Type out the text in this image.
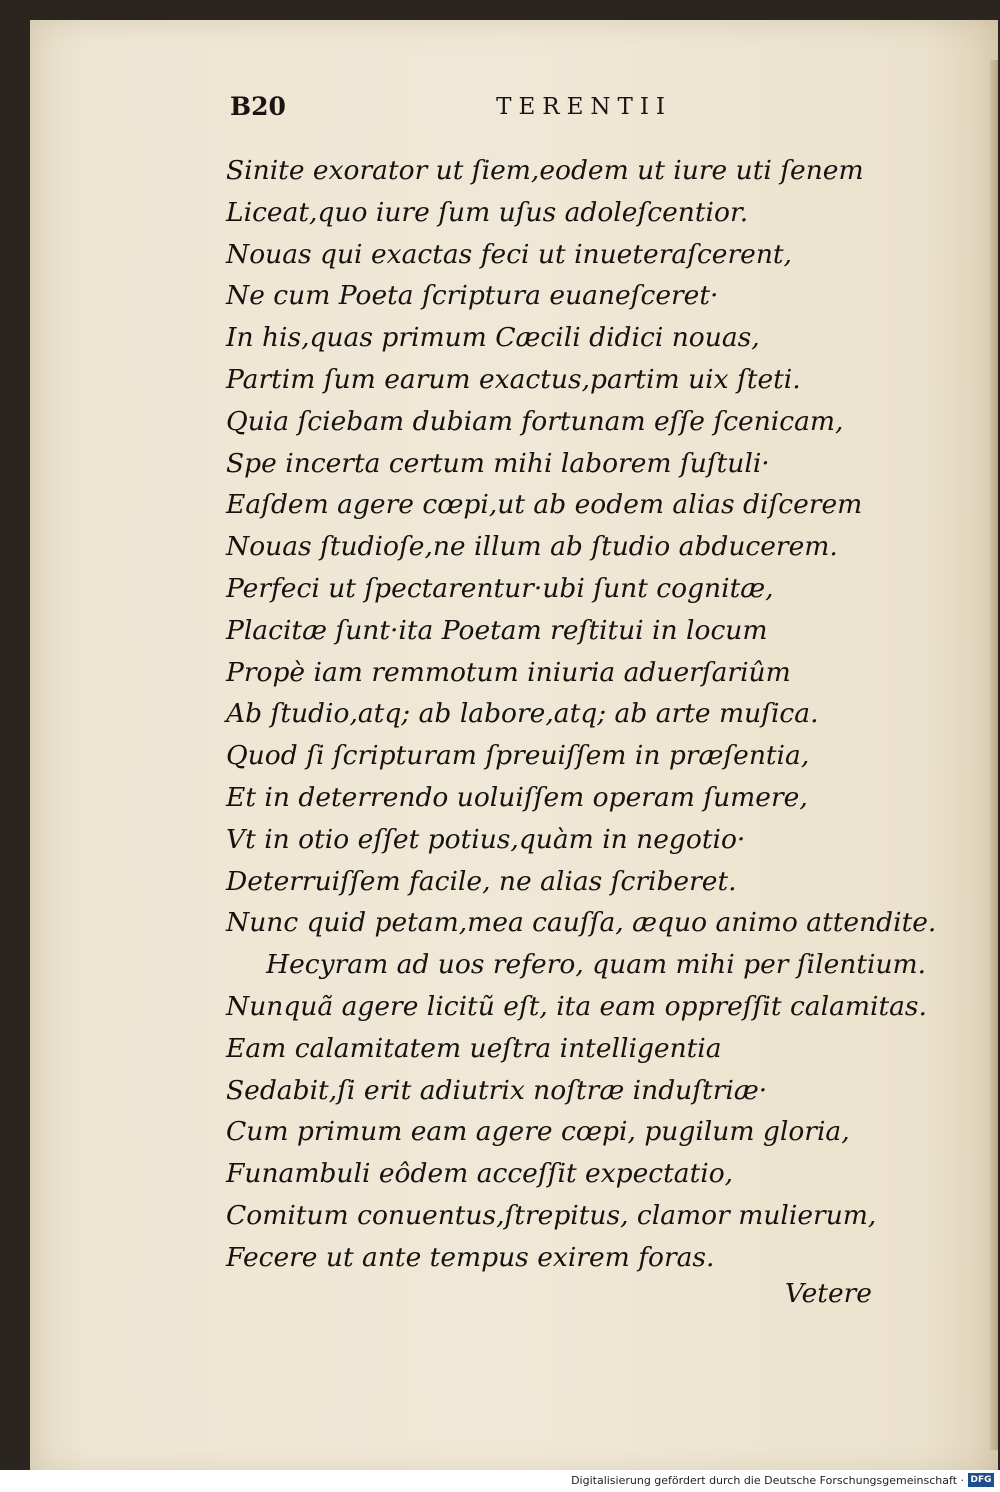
B20	TERENTII
Sinite exorator ut ſiem,eodem ut iure uti ſenem
Liceat,quo iure ſum uſus adoleſcentior.
Nouas qui exactas feci ut inueteraſcerent,
Ne cum Poeta ſcriptura euaneſceret·
In his,quas primum Cæcili didici nouas,
Partim ſum earum exactus,partim uix ſteti.
Quia ſciebam dubiam fortunam eſſe ſcenicam,
Spe incerta certum mihi laborem ſuſtuli·
Eaſdem agere cœpi,ut ab eodem alias diſcerem
Nouas ſtudioſe,ne illum ab ſtudio abducerem.
Perfeci ut ſpectarentur·ubi ſunt cognitæ,
Placitæ ſunt·ita Poetam reſtitui in locum
Propè iam remmotum iniuria aduerſariûm
Ab ſtudio,atq; ab labore,atq; ab arte muſica.
Quod ſi ſcripturam ſpreuiſſem in præſentia,
Et in deterrendo uoluiſſem operam ſumere,
Vt in otio eſſet potius,quàm in negotio·
Deterruiſſem facile, ne alias ſcriberet.
Nunc quid petam,mea cauſſa, æquo animo attendite.
Hecyram ad uos refero, quam mihi per ſilentium.
Nunquã agere licitũ eſt, ita eam oppreſſit calamitas.
Eam calamitatem ueſtra intelligentia
Sedabit,ſi erit adiutrix noſtræ induſtriæ·
Cum primum eam agere cœpi, pugilum gloria,
Funambuli eôdem acceſſit expectatio,
Comitum conuentus,ſtrepitus, clamor mulierum,
Fecere ut ante tempus exirem foras.
Vetere
Digitalisierung gefördert durch die Deutsche Forschungsgemeinschaft · DFG
